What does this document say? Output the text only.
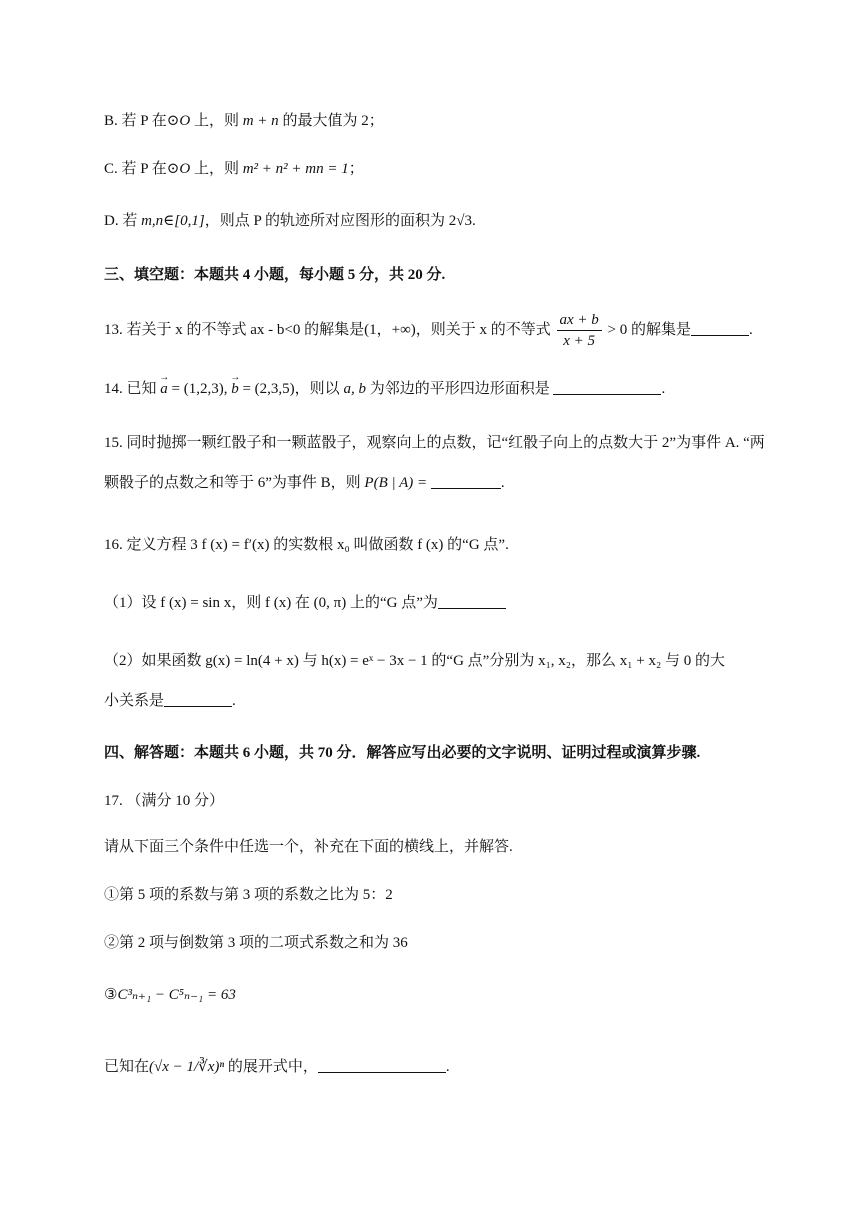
B. 若 P 在⊙O 上，则 m + n 的最大值为 2；
C. 若 P 在⊙O 上，则 m² + n² + mn = 1；
D. 若 m,n∈[0,1]，则点 P 的轨迹所对应图形的面积为 2√3.
三、填空题：本题共 4 小题，每小题 5 分，共 20 分.
13. 若关于 x 的不等式 ax - b<0 的解集是(1，+∞)，则关于 x 的不等式 $\frac{ax + b}{x + 5} > 0$ 的解集是	.
14. 已知 → a = (1,2,3), → b = (2,3,5)，则以 a, b 为邻边的平形四边形面积是	.
15. 同时抛掷一颗红骰子和一颗蓝骰子，观察向上的点数，记“红骰子向上的点数大于 2”为事件 A. “两
颗骰子的点数之和等于 6”为事件 B，则 P(B | A) =	.
16. 定义方程 3 f (x) = f′(x) 的实数根 x₀ 叫做函数 f (x) 的“G 点”.
（1）设 f (x) = sin x，则 f (x) 在 (0, π) 上的“G 点”为
（2）如果函数 g(x) = ln(4 + x) 与 h(x) = eˣ − 3x − 1 的“G 点”分别为 x₁, x₂，那么 x₁ + x₂ 与 0 的大
小关系是	.
四、解答题：本题共 6 小题，共 70 分．解答应写出必要的文字说明、证明过程或演算步骤.
17. （满分 10 分）
请从下面三个条件中任选一个，补充在下面的横线上，并解答.
①第 5 项的系数与第 3 项的系数之比为 5：2
②第 2 项与倒数第 3 项的二项式系数之和为 36
③C³ₙ₊₁ − C⁵ₙ₋₁ = 63
已知在(√x − 1/∛x)ⁿ 的展开式中，	.
